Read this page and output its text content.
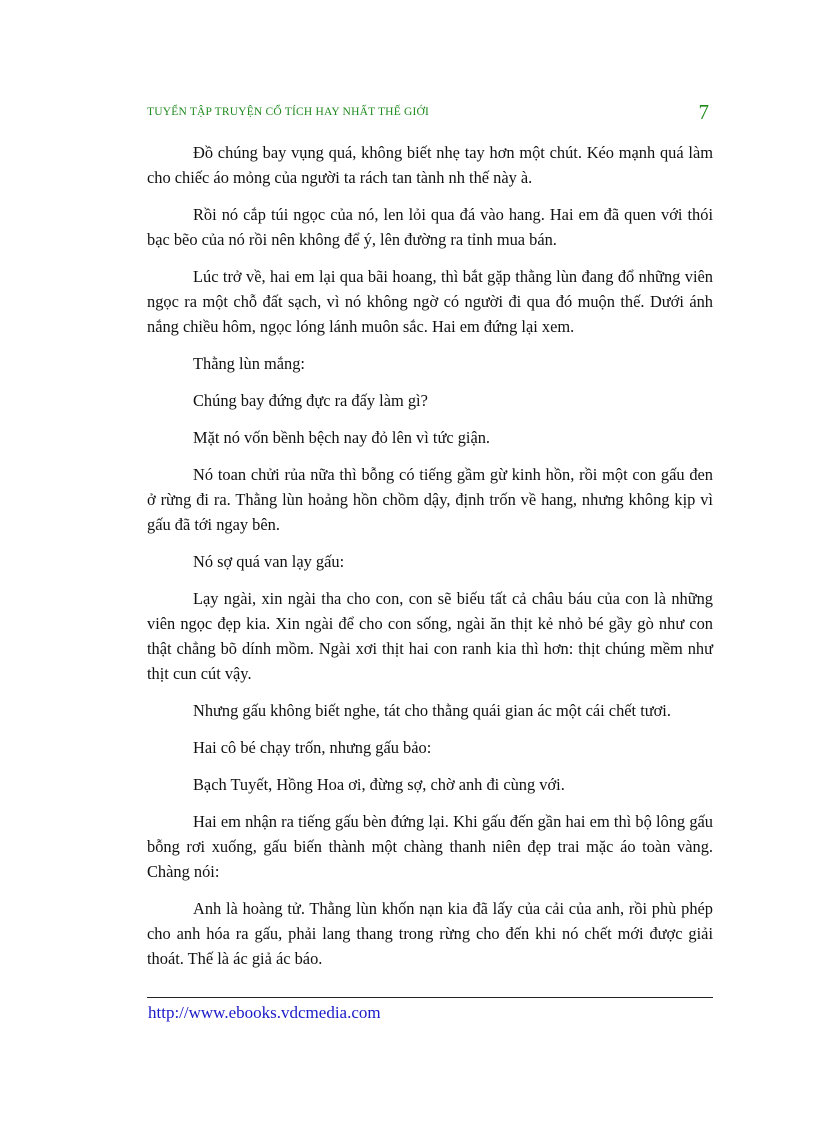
TUYỂN TẬP TRUYỆN CỔ TÍCH HAY NHẤT THẾ GIỚI	7

Đồ chúng bay vụng quá, không biết nhẹ tay hơn một chút. Kéo mạnh quá làm cho chiếc áo mỏng của người ta rách tan tành nh thế này à.

Rồi nó cắp túi ngọc của nó, len lỏi qua đá vào hang. Hai em đã quen với thói bạc bẽo của nó rồi nên không để ý, lên đường ra tỉnh mua bán.

Lúc trở về, hai em lại qua bãi hoang, thì bắt gặp thằng lùn đang đổ những viên ngọc ra một chỗ đất sạch, vì nó không ngờ có người đi qua đó muộn thế. Dưới ánh nắng chiều hôm, ngọc lóng lánh muôn sắc. Hai em đứng lại xem.

Thằng lùn mắng:

Chúng bay đứng đực ra đấy làm gì?

Mặt nó vốn bềnh bệch nay đỏ lên vì tức giận.

Nó toan chửi rủa nữa thì bỗng có tiếng gầm gừ kinh hồn, rồi một con gấu đen ở rừng đi ra. Thằng lùn hoảng hồn chồm dậy, định trốn về hang, nhưng không kịp vì gấu đã tới ngay bên.

Nó sợ quá van lạy gấu:

Lạy ngài, xin ngài tha cho con, con sẽ biếu tất cả châu báu của con là những viên ngọc đẹp kia. Xin ngài để cho con sống, ngài ăn thịt kẻ nhỏ bé gầy gò như con thật chẳng bõ dính mồm. Ngài xơi thịt hai con ranh kia thì hơn: thịt chúng mềm như thịt cun cút vậy.

Nhưng gấu không biết nghe, tát cho thằng quái gian ác một cái chết tươi.

Hai cô bé chạy trốn, nhưng gấu bảo:

Bạch Tuyết, Hồng Hoa ơi, đừng sợ, chờ anh đi cùng với.

Hai em nhận ra tiếng gấu bèn đứng lại. Khi gấu đến gần hai em thì bộ lông gấu bỗng rơi xuống, gấu biến thành một chàng thanh niên đẹp trai mặc áo toàn vàng. Chàng nói:

Anh là hoàng tử. Thằng lùn khốn nạn kia đã lấy của cải của anh, rồi phù phép cho anh hóa ra gấu, phải lang thang trong rừng cho đến khi nó chết mới được giải thoát. Thế là ác giả ác báo.

http://www.ebooks.vdcmedia.com
